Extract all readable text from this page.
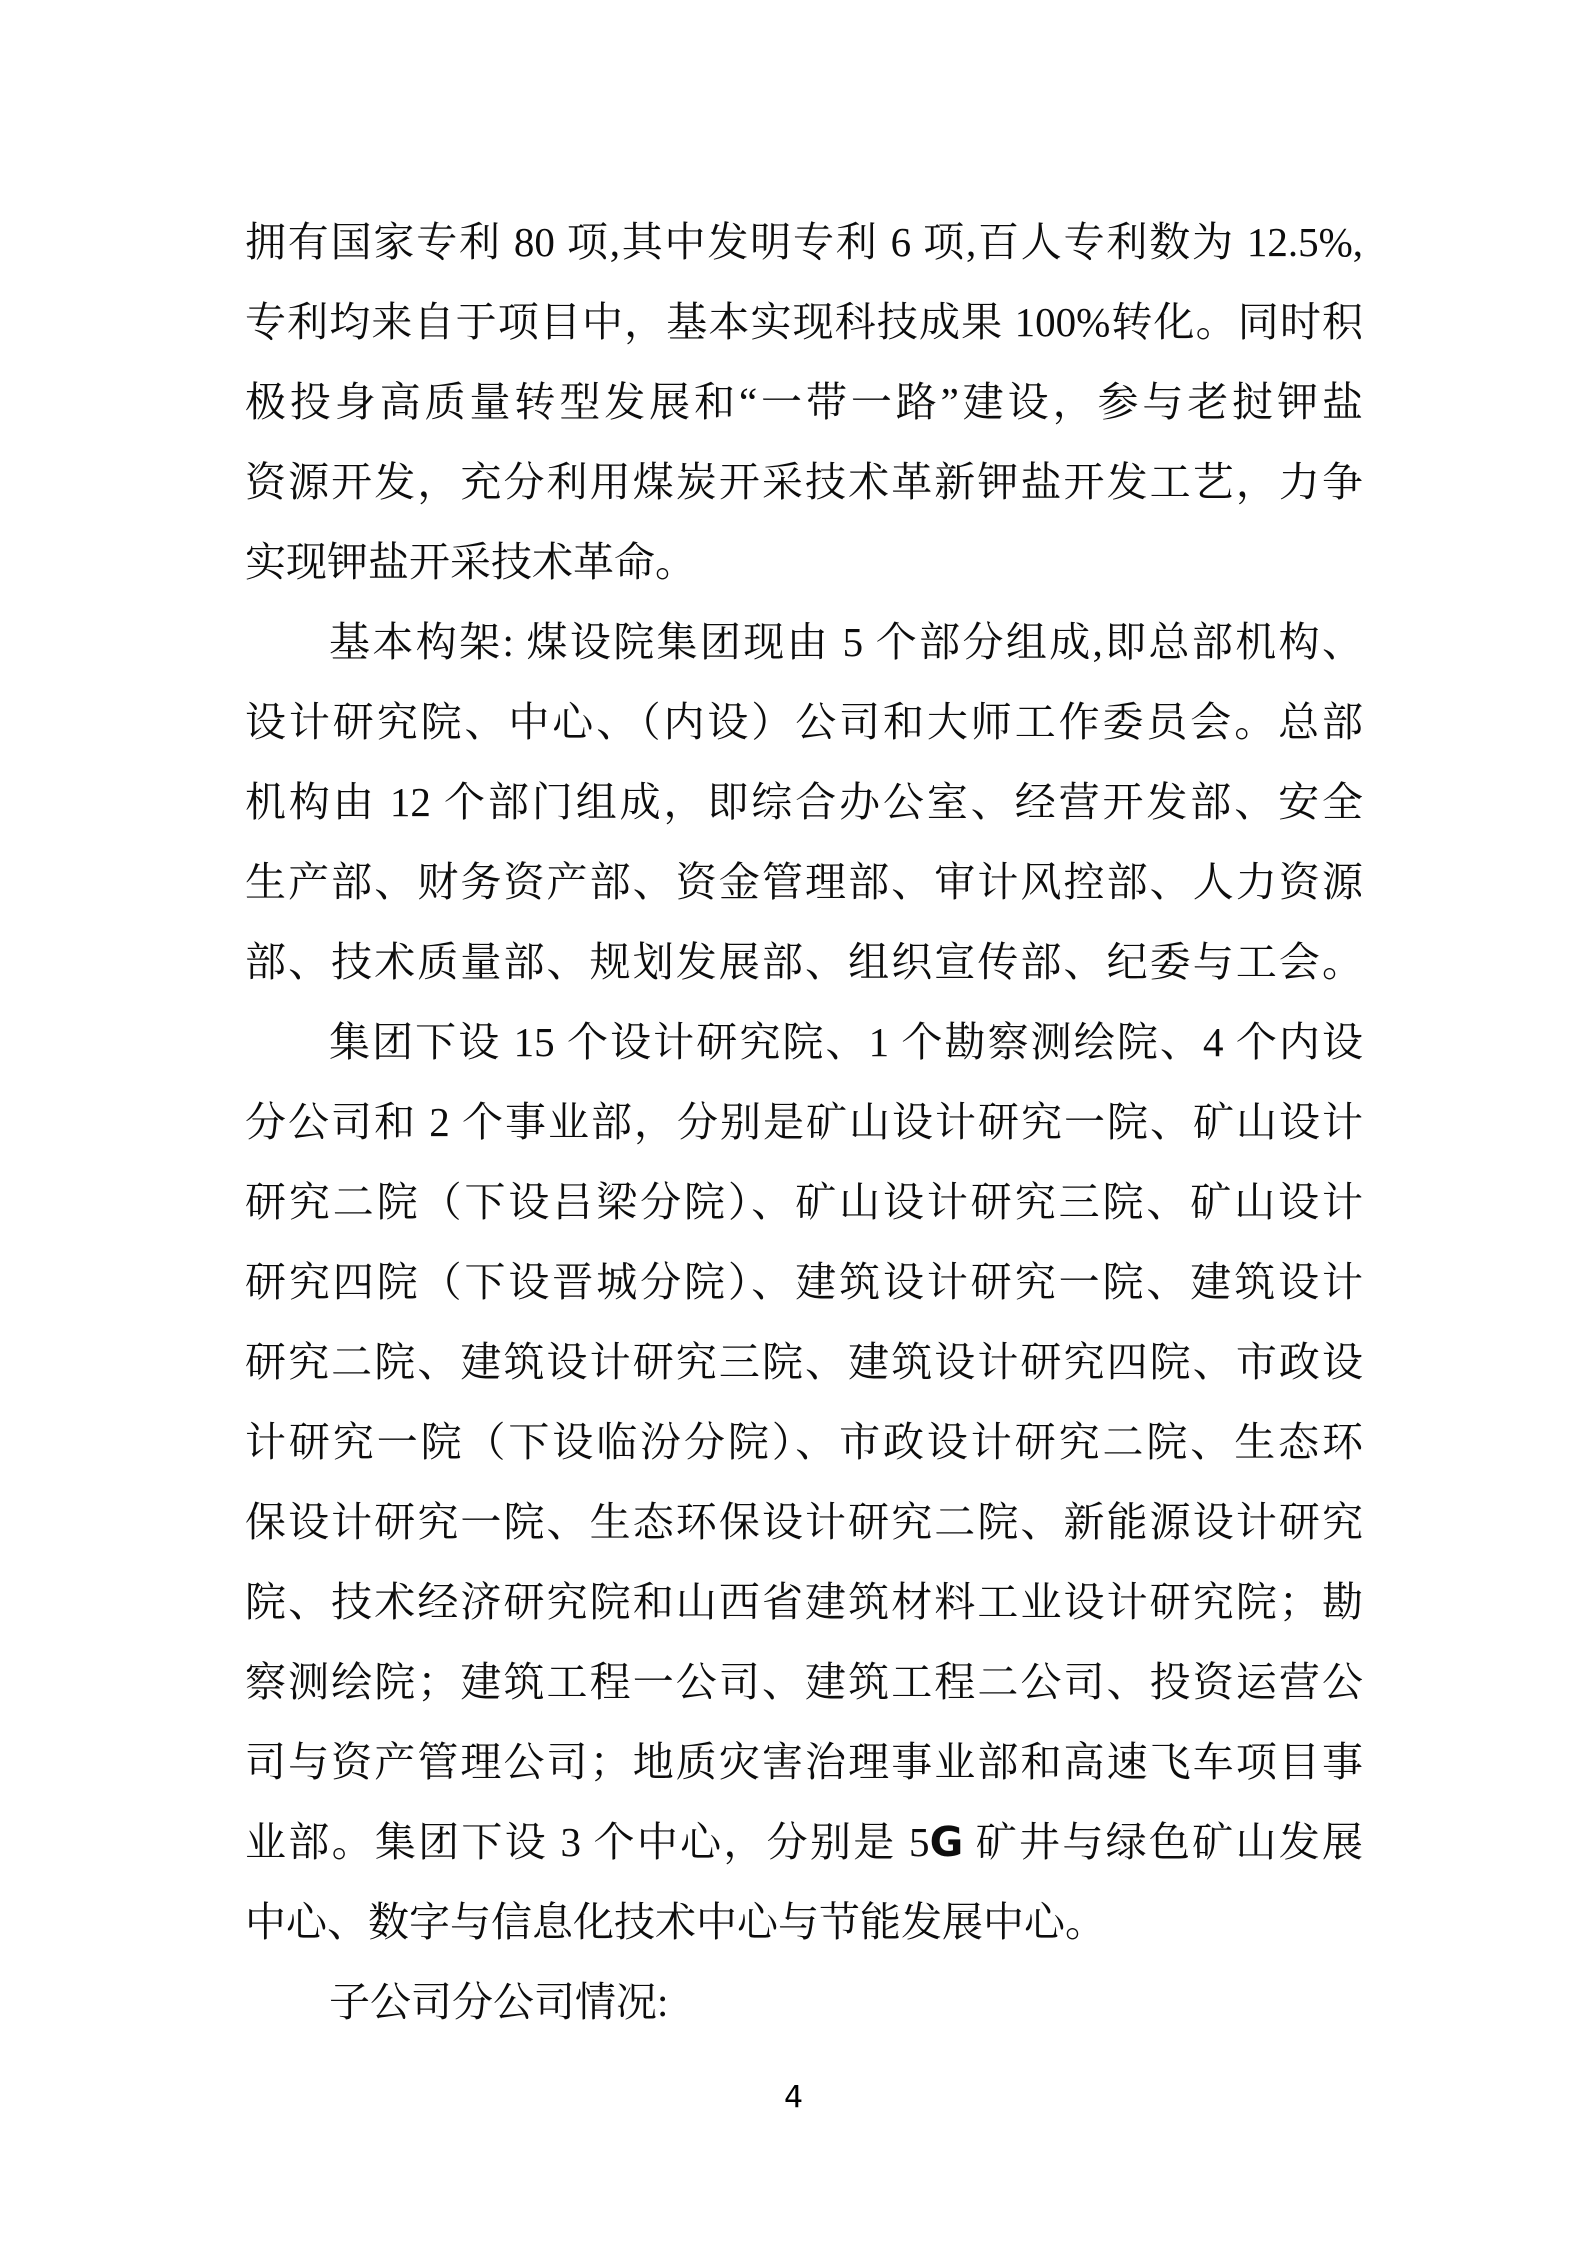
拥有国家专利 80 项,其中发明专利 6 项,百人专利数为 12.5%,
专利均来自于项目中，基本实现科技成果 100%转化。同时积
极投身高质量转型发展和“一带一路”建设，参与老挝钾盐
资源开发，充分利用煤炭开采技术革新钾盐开发工艺，力争
实现钾盐开采技术革命。
基本构架: 煤设院集团现由 5 个部分组成,即总部机构、
设计研究院、中心、（内设）公司和大师工作委员会。总部
机构由 12 个部门组成，即综合办公室、经营开发部、安全
生产部、财务资产部、资金管理部、审计风控部、人力资源
部、技术质量部、规划发展部、组织宣传部、纪委与工会。
集团下设 15 个设计研究院、1 个勘察测绘院、4 个内设
分公司和 2 个事业部，分别是矿山设计研究一院、矿山设计
研究二院（下设吕梁分院）、矿山设计研究三院、矿山设计
研究四院（下设晋城分院）、建筑设计研究一院、建筑设计
研究二院、建筑设计研究三院、建筑设计研究四院、市政设
计研究一院（下设临汾分院）、市政设计研究二院、生态环
保设计研究一院、生态环保设计研究二院、新能源设计研究
院、技术经济研究院和山西省建筑材料工业设计研究院；勘
察测绘院；建筑工程一公司、建筑工程二公司、投资运营公
司与资产管理公司；地质灾害治理事业部和高速飞车项目事
业部。集团下设 3 个中心，分别是 5G 矿井与绿色矿山发展
中心、数字与信息化技术中心与节能发展中心。
子公司分公司情况:
4
